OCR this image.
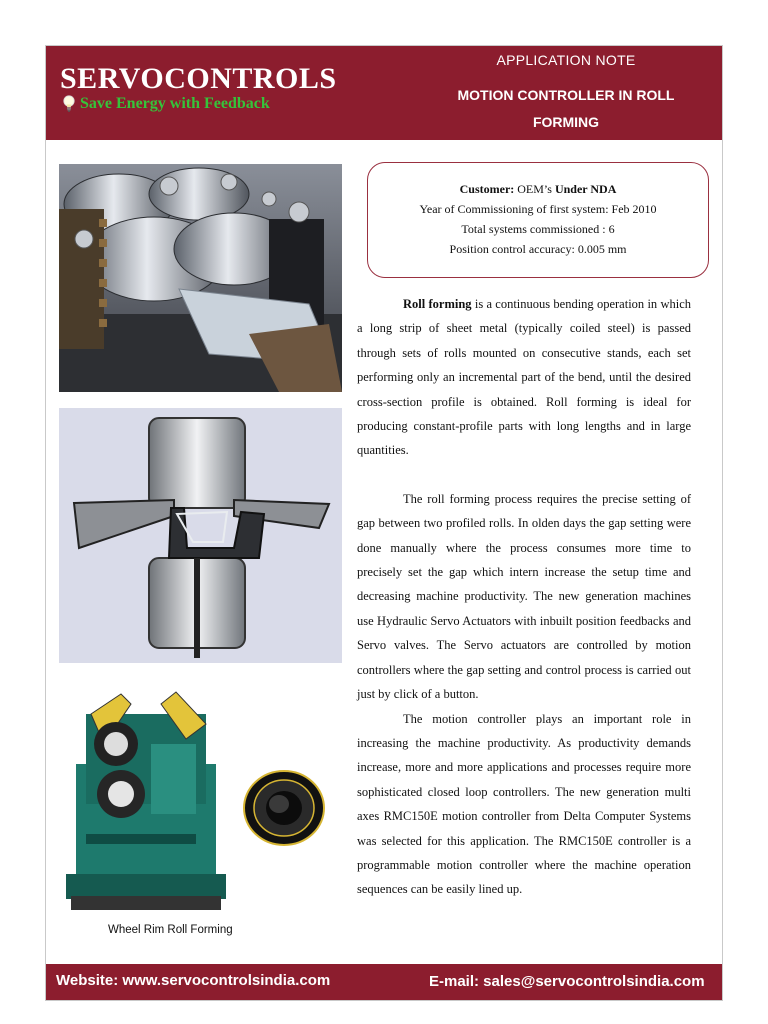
SERVOCONTROLS
Save Energy with Feedback
APPLICATION NOTE
MOTION CONTROLLER IN ROLL
FORMING
Wheel Rim Roll Forming
Customer: OEM’s Under NDA
Year of Commissioning of first system: Feb 2010
Total systems commissioned : 6
Position control accuracy: 0.005 mm

Roll forming is a continuous bending operation in which a long strip of sheet metal (typically coiled steel) is passed through sets of rolls mounted on consecutive stands, each set performing only an incremental part of the bend, until the desired cross-section profile is obtained. Roll forming is ideal for producing constant-profile parts with long lengths and in large quantities.

The roll forming process requires the precise setting of gap between two profiled rolls. In olden days the gap setting were done manually where the process consumes more time to precisely set the gap which intern increase the setup time and decreasing machine productivity. The new generation machines use Hydraulic Servo Actuators with inbuilt position feedbacks and Servo valves. The Servo actuators are controlled by motion controllers where the gap setting and control process is carried out just by click of a button.

The motion controller plays an important role in increasing the machine productivity. As productivity demands increase, more and more applications and processes require more sophisticated closed loop controllers. The new generation multi axes RMC150E motion controller from Delta Computer Systems was selected for this application. The RMC150E controller is a programmable motion controller where the machine operation sequences can be easily lined up.

Website: www.servocontrolsindia.com	E-mail: sales@servocontrolsindia.com
